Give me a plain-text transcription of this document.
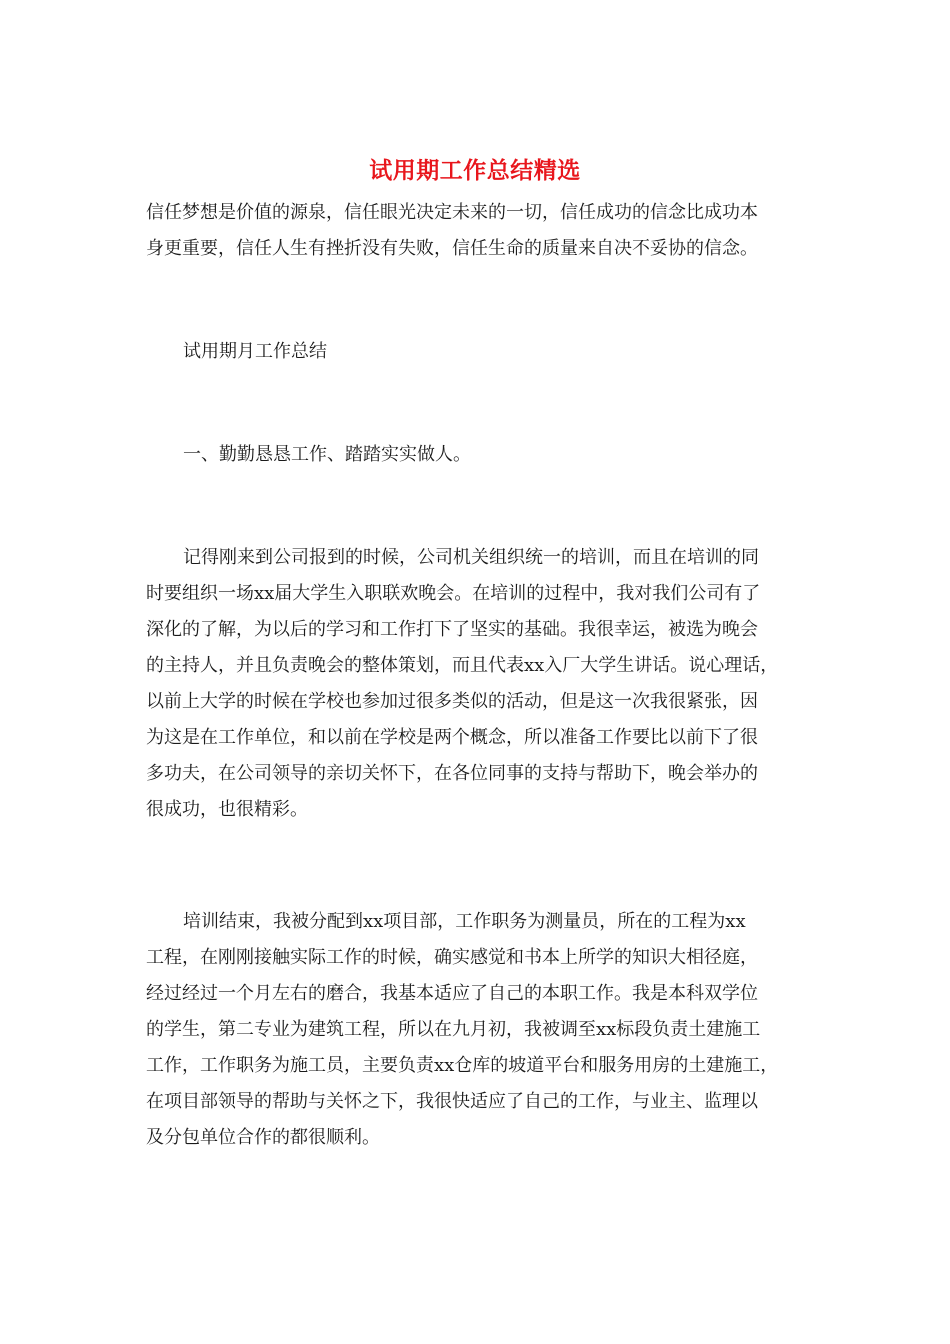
试用期工作总结精选
信任梦想是价值的源泉，信任眼光决定未来的一切，信任成功的信念比成功本
身更重要，信任人生有挫折没有失败，信任生命的质量来自决不妥协的信念。
试用期月工作总结
一、勤勤恳恳工作、踏踏实实做人。
记得刚来到公司报到的时候，公司机关组织统一的培训，而且在培训的同
时要组织一场xx届大学生入职联欢晚会。在培训的过程中，我对我们公司有了
深化的了解，为以后的学习和工作打下了坚实的基础。我很幸运，被选为晚会
的主持人，并且负责晚会的整体策划，而且代表xx入厂大学生讲话。说心理话，
以前上大学的时候在学校也参加过很多类似的活动，但是这一次我很紧张，因
为这是在工作单位，和以前在学校是两个概念，所以准备工作要比以前下了很
多功夫，在公司领导的亲切关怀下，在各位同事的支持与帮助下，晚会举办的
很成功，也很精彩。
培训结束，我被分配到xx项目部，工作职务为测量员，所在的工程为xx
工程，在刚刚接触实际工作的时候，确实感觉和书本上所学的知识大相径庭，
经过经过一个月左右的磨合，我基本适应了自己的本职工作。我是本科双学位
的学生，第二专业为建筑工程，所以在九月初，我被调至xx标段负责土建施工
工作，工作职务为施工员，主要负责xx仓库的坡道平台和服务用房的土建施工，
在项目部领导的帮助与关怀之下，我很快适应了自己的工作，与业主、监理以
及分包单位合作的都很顺利。
